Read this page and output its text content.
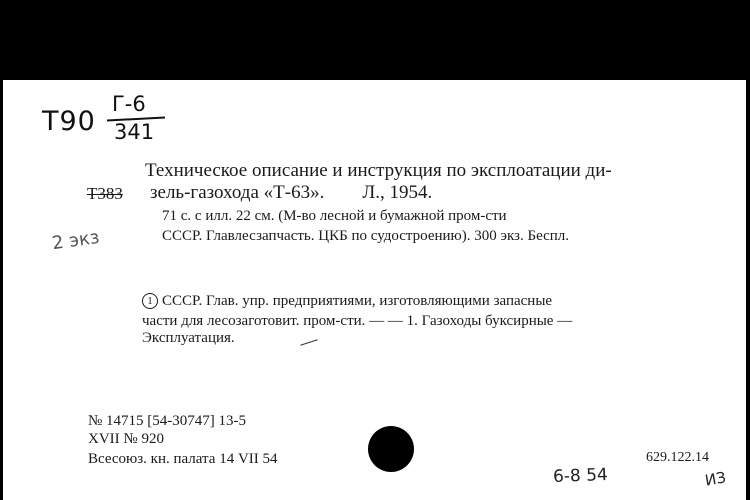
Т90
Г-6
341
Техническое описание и инструкция по эксплоатации ди-
Т383 зель-газохода «Т-63». Л., 1954.
71 с. с илл. 22 см. (М-во лесной и бумажной пром-сти
СССР. Главлесзапчасть. ЦКБ по судостроению). 300 экз. Беспл.
2 экз
1 СССР. Глав. упр. предприятиями, изготовляющими запасные
части для лесозаготовит. пром-сти. — — 1. Газоходы буксирные —
Эксплуатация.
№ 14715 [54-30747] 13-5
XVII № 920
Всесоюз. кн. палата 14 VII 54	629.122.14
6-8 54	ИЗ
